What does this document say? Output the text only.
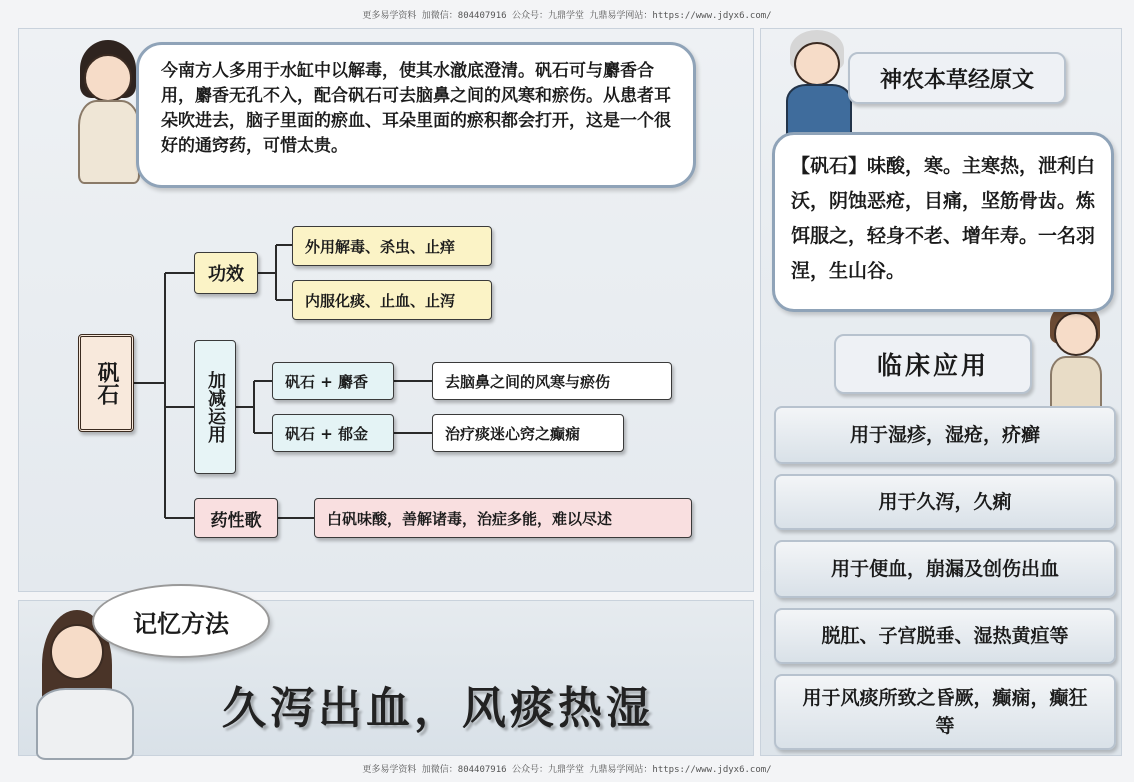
更多易学资料 加微信：804407916 公众号：九鼎学堂 九鼎易学网站：https://www.jdyx6.com/
今南方人多用于水缸中以解毒，使其水澈底澄清。矾石可与麝香合用，麝香无孔不入，配合矾石可去脑鼻之间的风寒和瘀伤。从患者耳朵吹进去，脑子里面的瘀血、耳朵里面的瘀积都会打开，这是一个很好的通窍药，可惜太贵。
矾石
功效
加减运用
药性歌
外用解毒、杀虫、止痒
内服化痰、止血、止泻
矾石 + 麝香
矾石 + 郁金
去脑鼻之间的风寒与瘀伤
治疗痰迷心窍之癫痫
白矾味酸，善解诸毒，治症多能，难以尽述
记忆方法
久泻出血，风痰热湿
神农本草经原文
【矾石】味酸，寒。主寒热，泄利白沃，阴蚀恶疮，目痛，坚筋骨齿。炼饵服之，轻身不老、增年寿。一名羽涅，生山谷。
临床应用
用于湿疹，湿疮，疥癣
用于久泻，久痢
用于便血，崩漏及创伤出血
脱肛、子宫脱垂、湿热黄疸等
用于风痰所致之昏厥，癫痫，癫狂等
更多易学资料 加微信：804407916 公众号：九鼎学堂 九鼎易学网站：https://www.jdyx6.com/
